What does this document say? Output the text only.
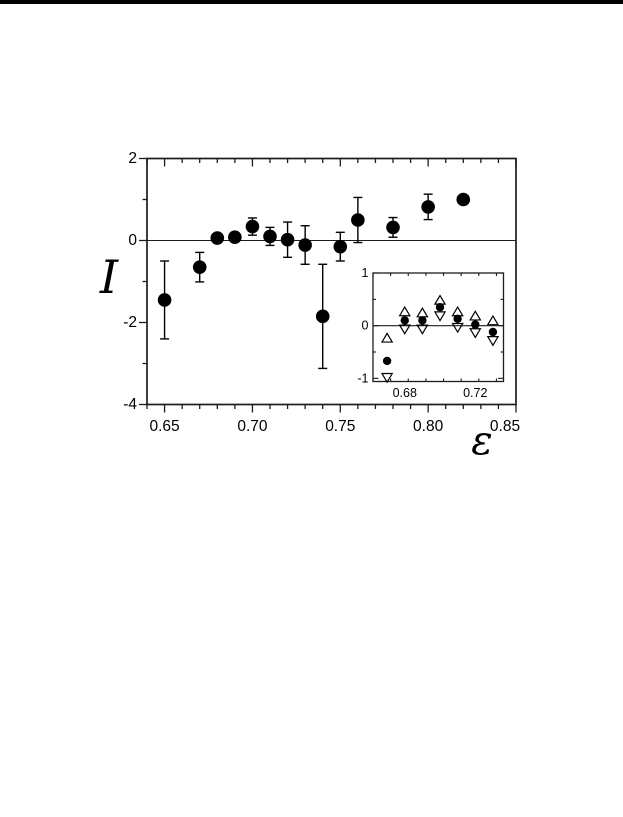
0.65	0.70	0.75	0.80	0.85
2
0
-2
-4
ε
I
0.68	0.72
1
0
-1
